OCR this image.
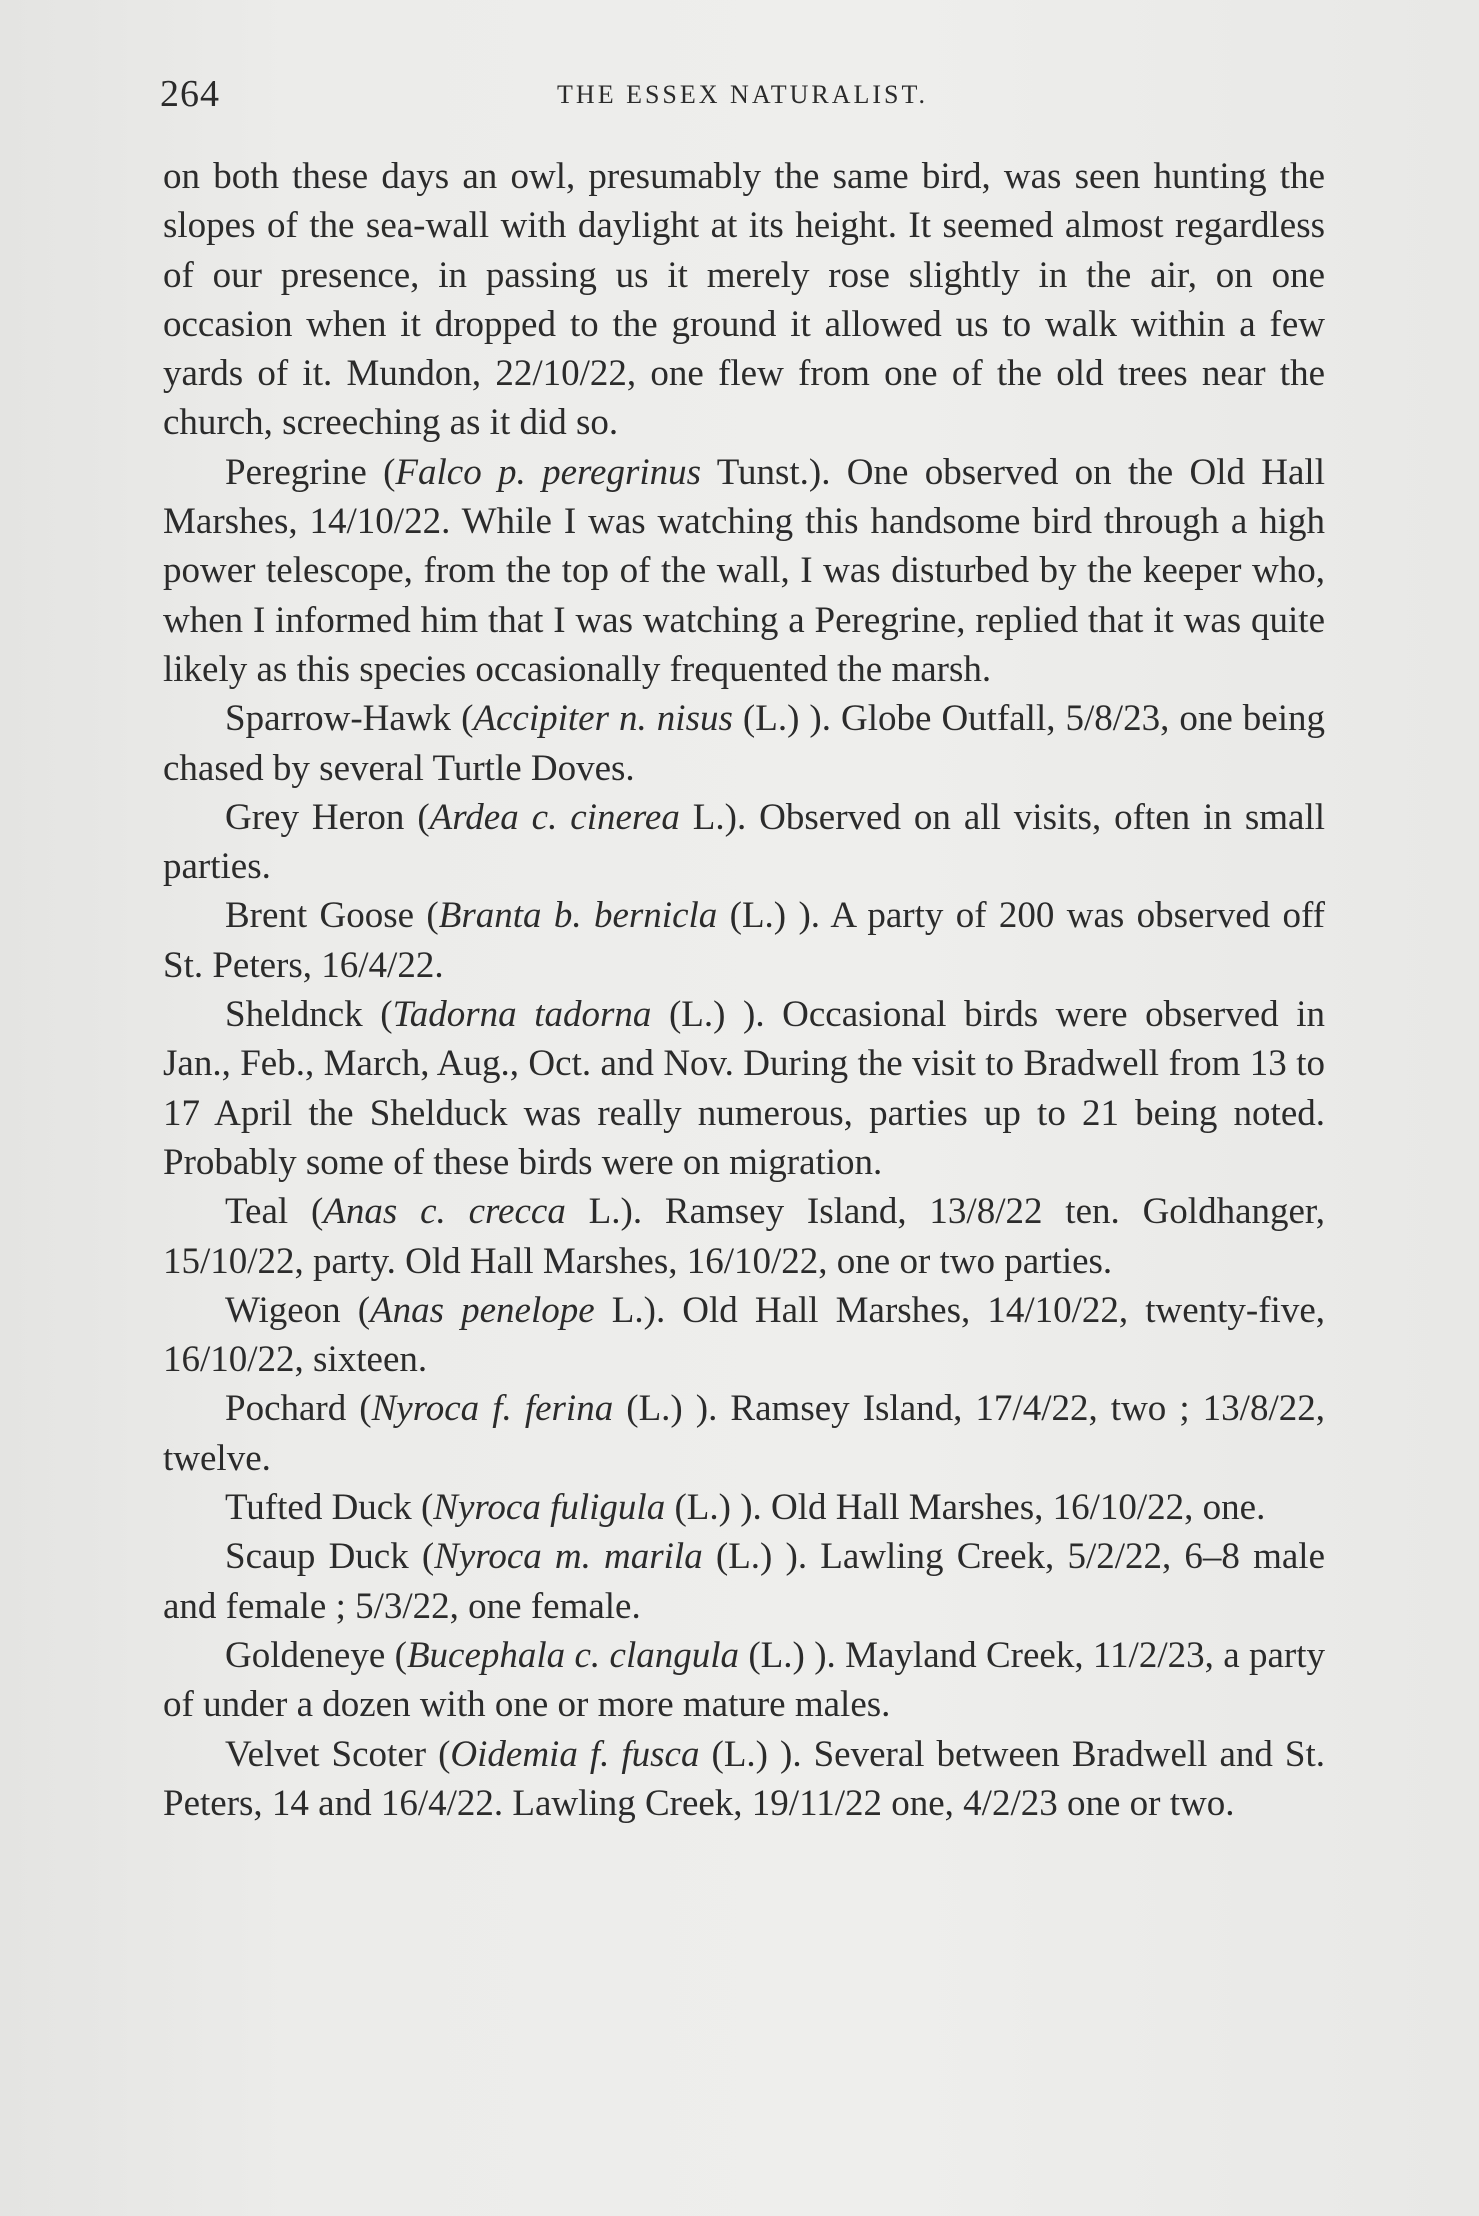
264	THE ESSEX NATURALIST.

on both these days an owl, presumably the same bird, was seen hunting the slopes of the sea-wall with daylight at its height. It seemed almost regardless of our presence, in passing us it merely rose slightly in the air, on one occasion when it dropped to the ground it allowed us to walk within a few yards of it. Mundon, 22/10/22, one flew from one of the old trees near the church, screeching as it did so.

Peregrine (Falco p. peregrinus Tunst.). One observed on the Old Hall Marshes, 14/10/22. While I was watching this handsome bird through a high power telescope, from the top of the wall, I was disturbed by the keeper who, when I informed him that I was watching a Peregrine, replied that it was quite likely as this species occasionally frequented the marsh.

Sparrow-Hawk (Accipiter n. nisus (L.) ). Globe Outfall, 5/8/23, one being chased by several Turtle Doves.

Grey Heron (Ardea c. cinerea L.). Observed on all visits, often in small parties.

Brent Goose (Branta b. bernicla (L.) ). A party of 200 was observed off St. Peters, 16/4/22.

Sheldnck (Tadorna tadorna (L.) ). Occasional birds were observed in Jan., Feb., March, Aug., Oct. and Nov. During the visit to Bradwell from 13 to 17 April the Shelduck was really numerous, parties up to 21 being noted. Probably some of these birds were on migration.

Teal (Anas c. crecca L.). Ramsey Island, 13/8/22 ten. Goldhanger, 15/10/22, party. Old Hall Marshes, 16/10/22, one or two parties.

Wigeon (Anas penelope L.). Old Hall Marshes, 14/10/22, twenty-five, 16/10/22, sixteen.

Pochard (Nyroca f. ferina (L.) ). Ramsey Island, 17/4/22, two ; 13/8/22, twelve.

Tufted Duck (Nyroca fuligula (L.) ). Old Hall Marshes, 16/10/22, one.

Scaup Duck (Nyroca m. marila (L.) ). Lawling Creek, 5/2/22, 6–8 male and female ; 5/3/22, one female.

Goldeneye (Bucephala c. clangula (L.) ). Mayland Creek, 11/2/23, a party of under a dozen with one or more mature males.

Velvet Scoter (Oidemia f. fusca (L.) ). Several between Bradwell and St. Peters, 14 and 16/4/22. Lawling Creek, 19/11/22 one, 4/2/23 one or two.
